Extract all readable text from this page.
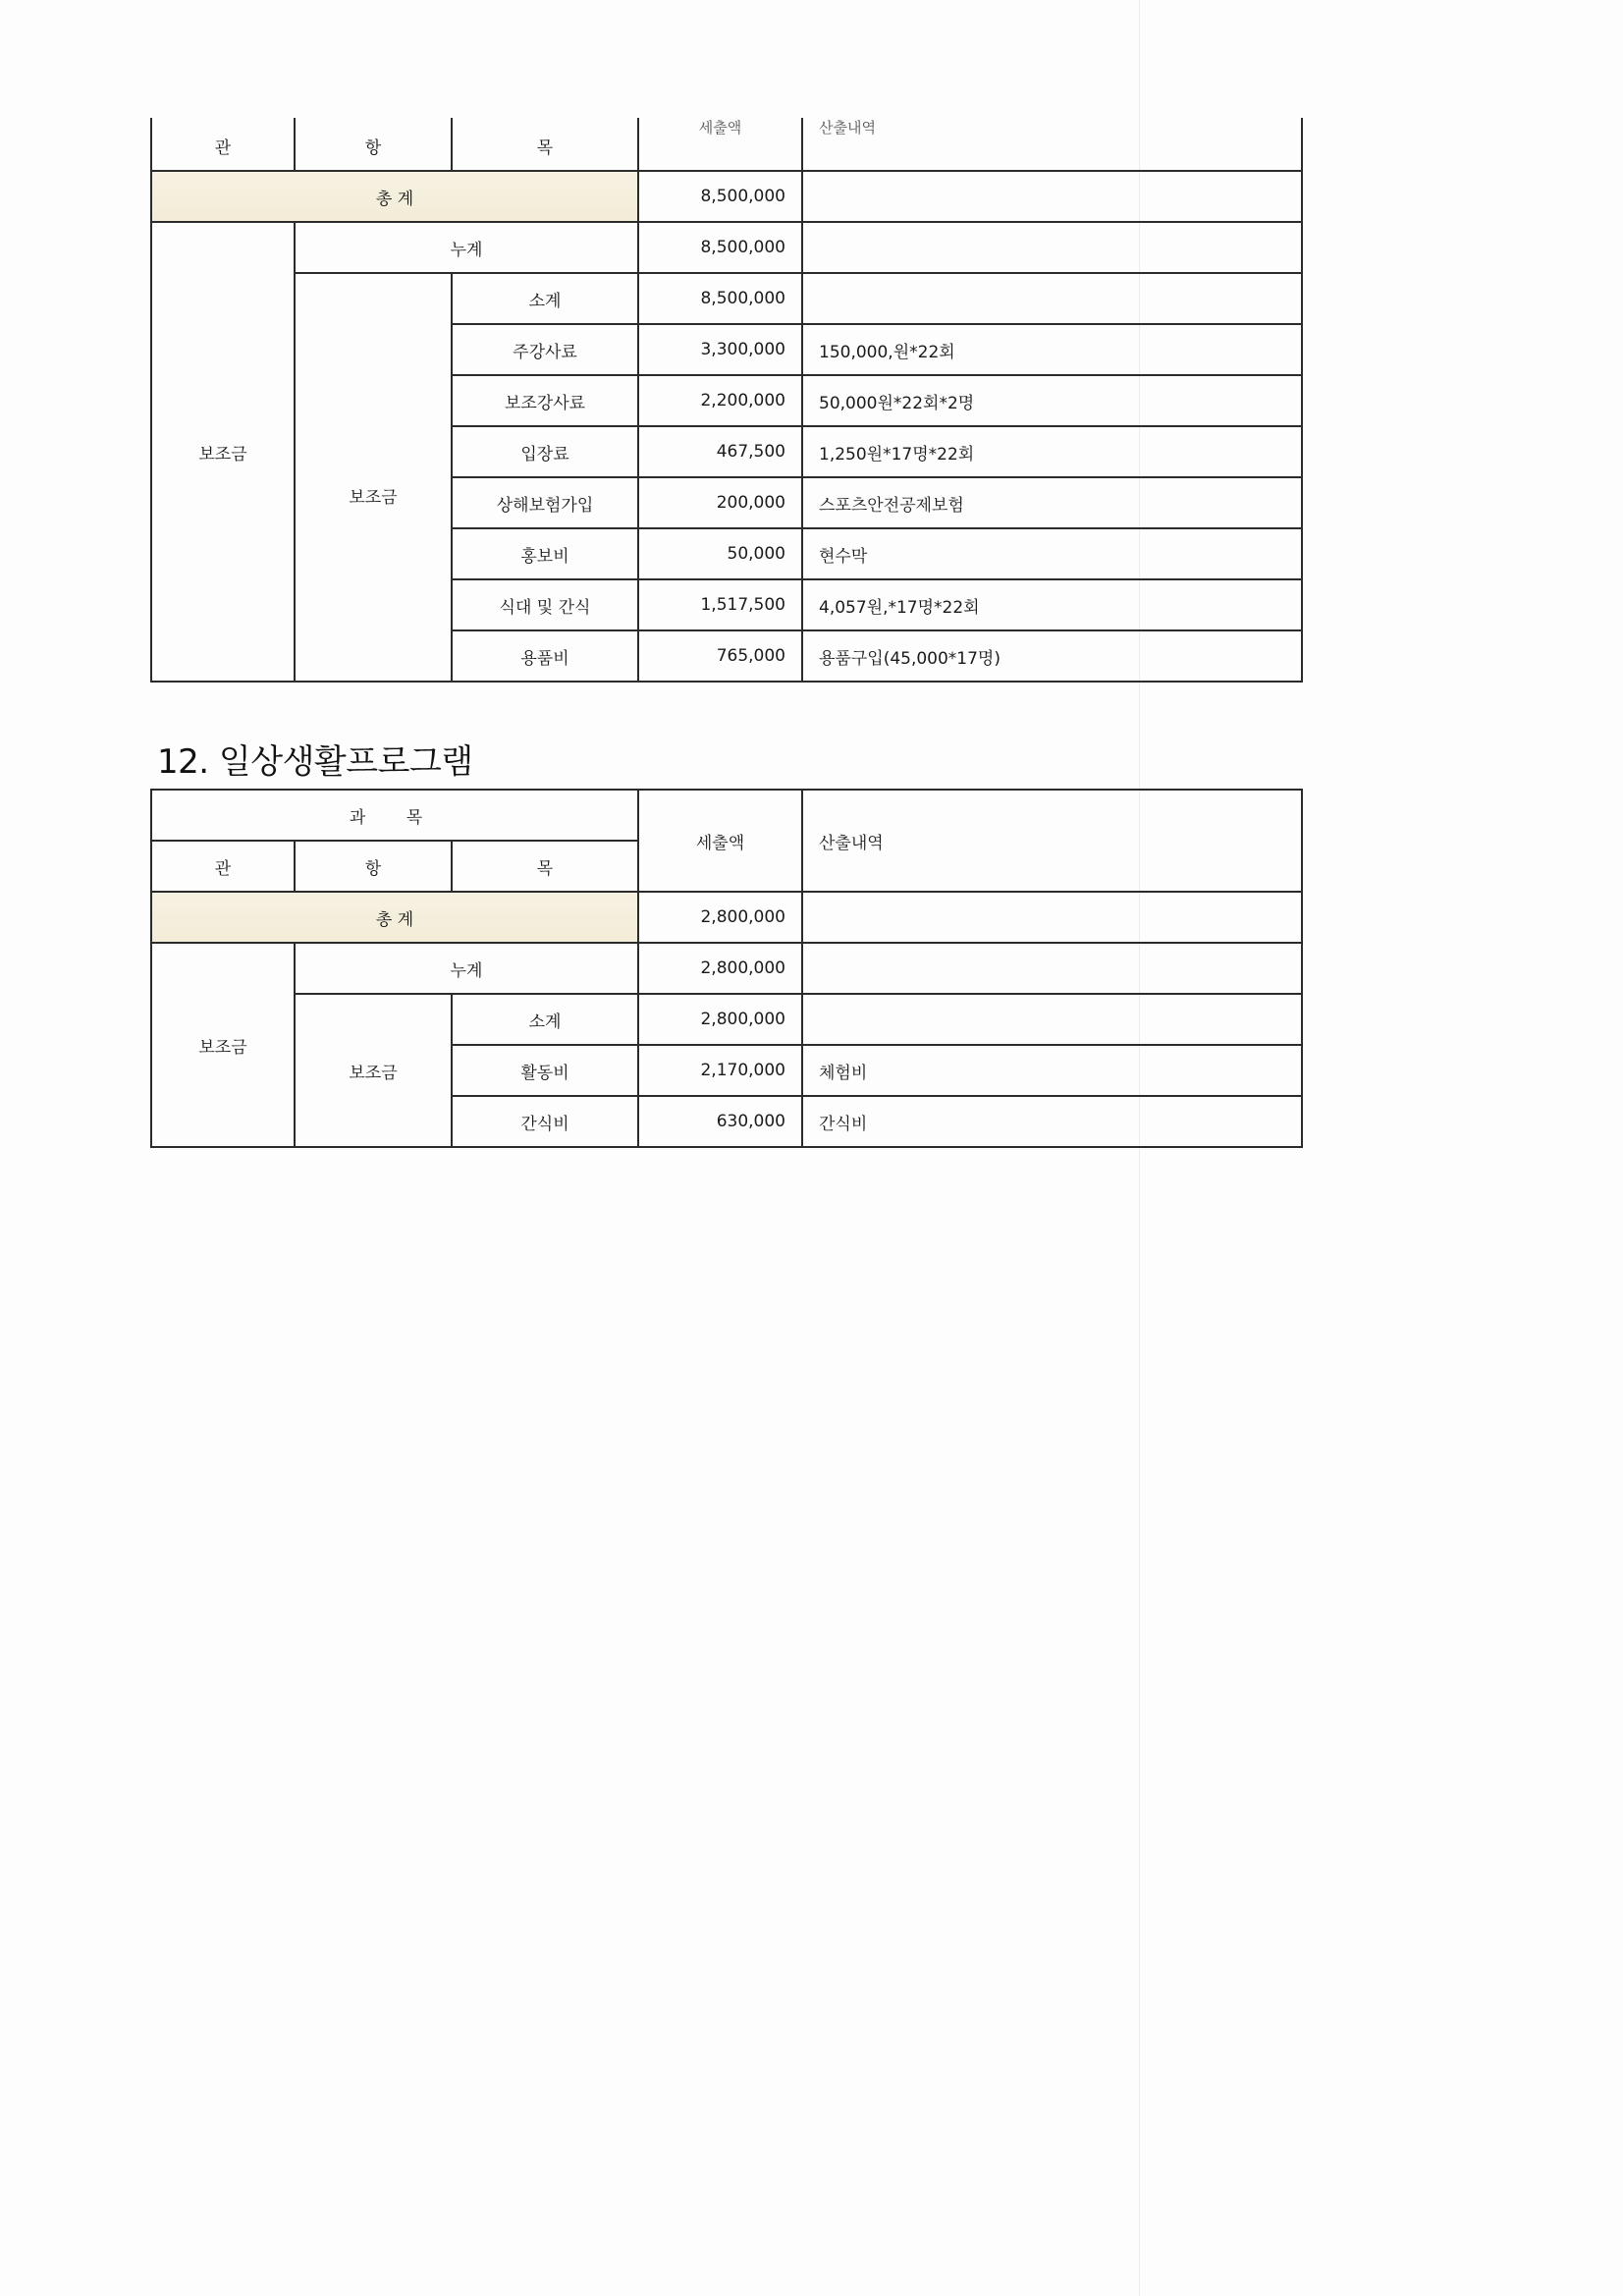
관	항	목	세출액	산출내역

총 계			8,500,000	
보조금	누계		8,500,000	
	보조금	소계	8,500,000	
		주강사료	3,300,000	150,000,원*22회
		보조강사료	2,200,000	50,000원*22회*2명
		입장료	467,500	1,250원*17명*22회
		상해보험가입	200,000	스포츠안전공제보험
		홍보비	50,000	현수막
		식대 및 간식	1,517,500	4,057원,*17명*22회
		용품비	765,000	용품구입(45,000*17명)
12. 일상생활프로그램
과 목			세출액	산출내역
관	항	목		
총 계			2,800,000	
보조금	누계		2,800,000	
	보조금	소계	2,800,000	
		활동비	2,170,000	체험비
		간식비	630,000	간식비
